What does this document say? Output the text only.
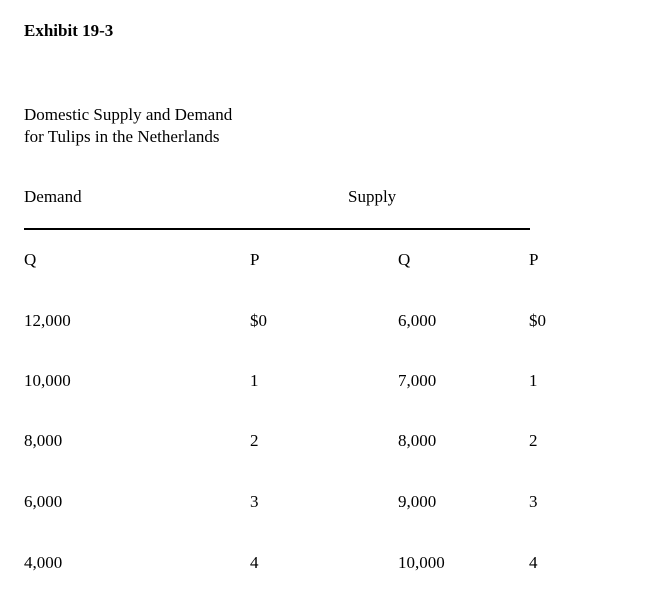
Exhibit 19-3
Domestic Supply and Demand
for Tulips in the Netherlands
Demand	Supply
Q	P	Q	P
12,000	$0	6,000	$0
10,000	1	7,000	1
8,000	2	8,000	2
6,000	3	9,000	3
4,000	4	10,000	4
